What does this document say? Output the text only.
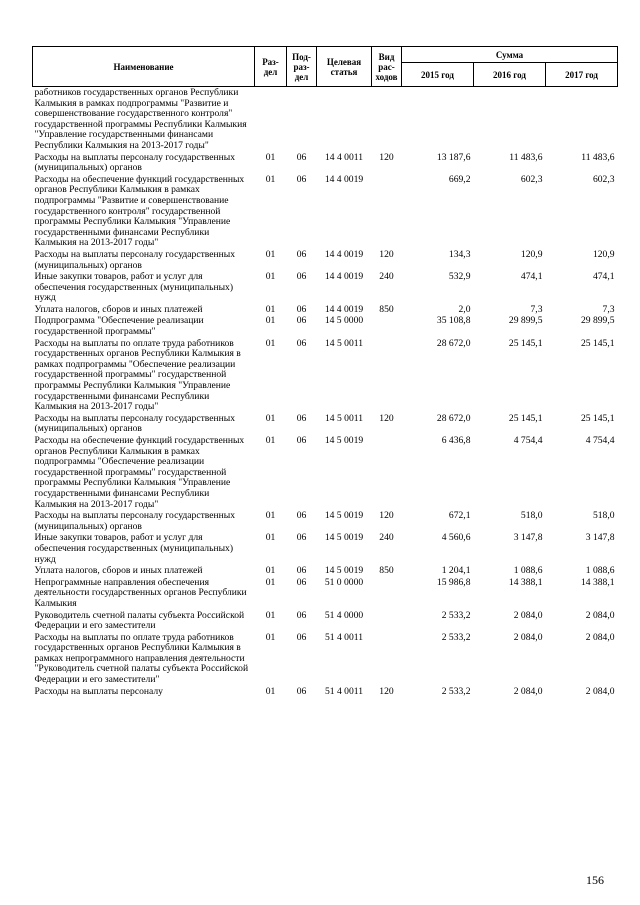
Наименование	Раз-дел	Под-раз-дел	Целевая статья	Вид рас-ходов	Сумма		
					2015 год	2016 год	2017 год
работников государственных органов Республики Калмыкия в рамках подпрограммы "Развитие и совершенствование государственного контроля" государственной программы Республики Калмыкия "Управление государственными финансами Республики Калмыкия на 2013-2017 годы"							
Расходы на выплаты персоналу государственных (муниципальных) органов	01	06	14 4 0011	120	13 187,6	11 483,6	11 483,6
Расходы на обеспечение функций государственных органов Республики Калмыкия в рамках подпрограммы "Развитие и совершенствование государственного контроля" государственной программы Республики Калмыкия "Управление государственными финансами Республики Калмыкия на 2013-2017 годы"	01	06	14 4 0019		669,2	602,3	602,3
Расходы на выплаты персоналу государственных (муниципальных) органов	01	06	14 4 0019	120	134,3	120,9	120,9
Иные закупки товаров, работ и услуг для обеспечения государственных (муниципальных) нужд	01	06	14 4 0019	240	532,9	474,1	474,1
Уплата налогов, сборов и иных платежей	01	06	14 4 0019	850	2,0	7,3	7,3
Подпрограмма "Обеспечение реализации государственной программы"	01	06	14 5 0000		35 108,8	29 899,5	29 899,5
Расходы на выплаты по оплате труда работников государственных органов Республики Калмыкия в рамках подпрограммы "Обеспечение реализации государственной программы" государственной программы Республики Калмыкия "Управление государственными финансами Республики Калмыкия на 2013-2017 годы"	01	06	14 5 0011		28 672,0	25 145,1	25 145,1
Расходы на выплаты персоналу государственных (муниципальных) органов	01	06	14 5 0011	120	28 672,0	25 145,1	25 145,1
Расходы на обеспечение функций государственных органов Республики Калмыкия в рамках подпрограммы "Обеспечение реализации государственной программы" государственной программы Республики Калмыкия "Управление государственными финансами Республики Калмыкия на 2013-2017 годы"	01	06	14 5 0019		6 436,8	4 754,4	4 754,4
Расходы на выплаты персоналу государственных (муниципальных) органов	01	06	14 5 0019	120	672,1	518,0	518,0
Иные закупки товаров, работ и услуг для обеспечения государственных (муниципальных) нужд	01	06	14 5 0019	240	4 560,6	3 147,8	3 147,8
Уплата налогов, сборов и иных платежей	01	06	14 5 0019	850	1 204,1	1 088,6	1 088,6
Непрограммные направления обеспечения деятельности государственных органов Республики Калмыкия	01	06	51 0 0000		15 986,8	14 388,1	14 388,1
Руководитель счетной палаты субъекта Российской Федерации и его заместители	01	06	51 4 0000		2 533,2	2 084,0	2 084,0
Расходы на выплаты по оплате труда работников государственных органов Республики Калмыкия в рамках непрограммного направления деятельности "Руководитель счетной палаты субъекта Российской Федерации и его заместители"	01	06	51 4 0011		2 533,2	2 084,0	2 084,0
Расходы на выплаты персоналу	01	06	51 4 0011	120	2 533,2	2 084,0	2 084,0
156
